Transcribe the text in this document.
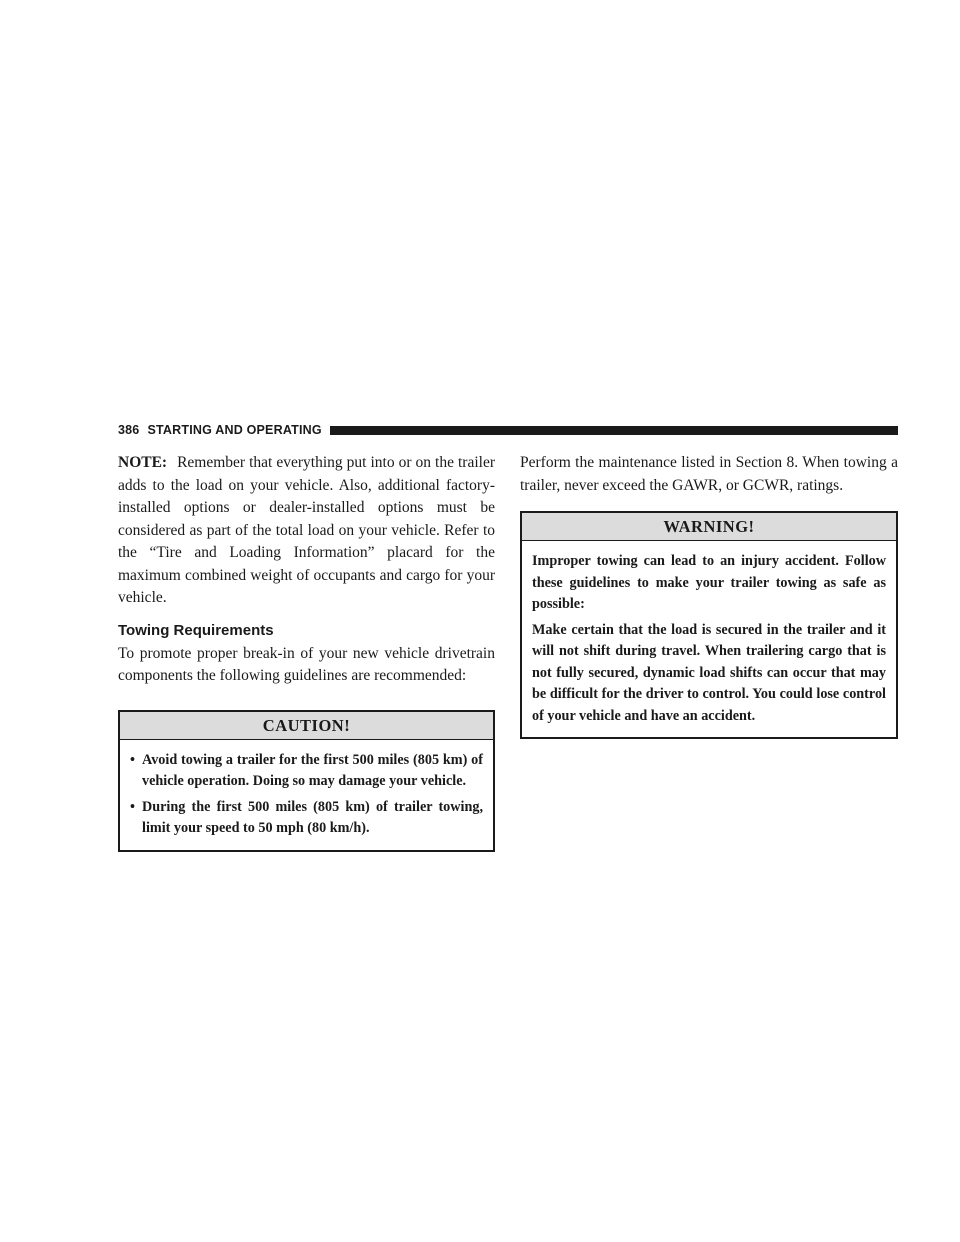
386 STARTING AND OPERATING

NOTE: Remember that everything put into or on the trailer adds to the load on your vehicle. Also, additional factory-installed options or dealer-installed options must be considered as part of the total load on your vehicle. Refer to the “Tire and Loading Information” placard for the maximum combined weight of occupants and cargo for your vehicle.

Towing Requirements

To promote proper break-in of your new vehicle drivetrain components the following guidelines are recommended:

CAUTION!
• Avoid towing a trailer for the first 500 miles (805 km) of vehicle operation. Doing so may damage your vehicle.
• During the first 500 miles (805 km) of trailer towing, limit your speed to 50 mph (80 km/h).

Perform the maintenance listed in Section 8. When towing a trailer, never exceed the GAWR, or GCWR, ratings.

WARNING!

Improper towing can lead to an injury accident. Follow these guidelines to make your trailer towing as safe as possible:

Make certain that the load is secured in the trailer and it will not shift during travel. When trailering cargo that is not fully secured, dynamic load shifts can occur that may be difficult for the driver to control. You could lose control of your vehicle and have an accident.
